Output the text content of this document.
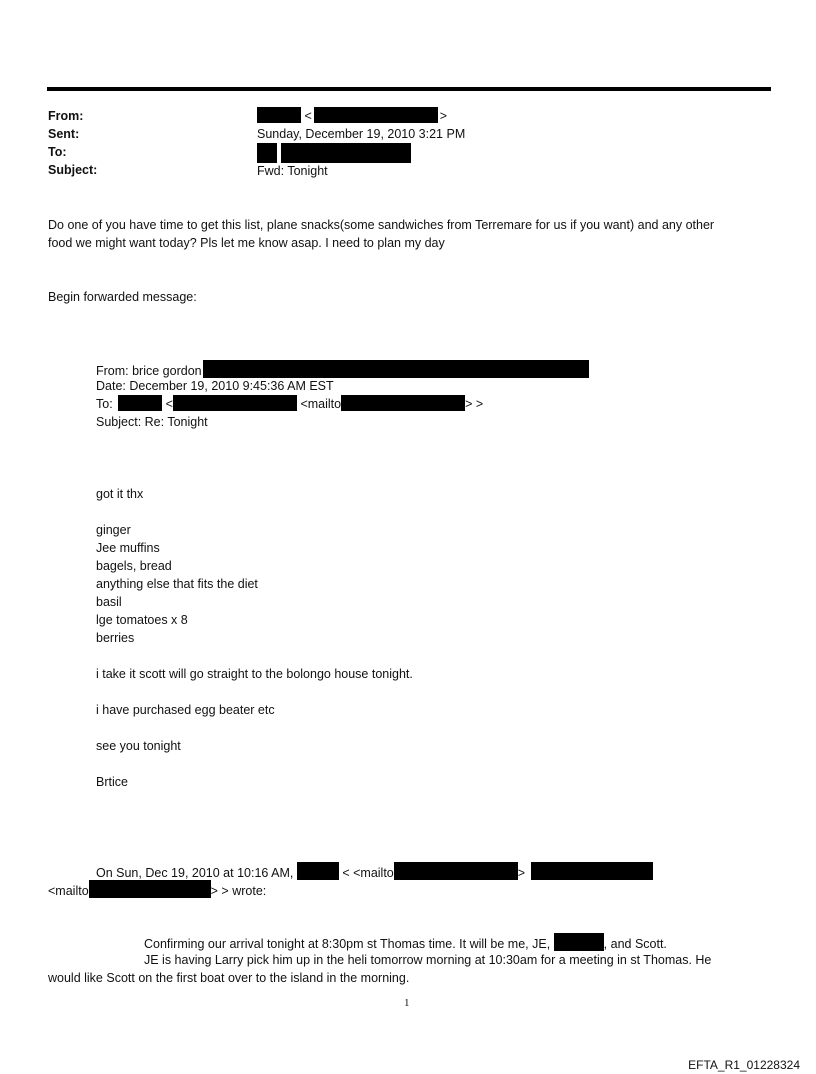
From:	<	>
Sent:	Sunday, December 19, 2010 3:21 PM
To:
Subject:	Fwd: Tonight
Do one of you have time to get this list, plane snacks(some sandwiches from Terremare for us if you want) and any other
food we might want today? Pls let me know asap. I need to plan my day
Begin forwarded message:
From: brice gordon
Date: December 19, 2010 9:45:36 AM EST
To:	<	<mailto	> >
Subject: Re: Tonight
got it thx
ginger
Jee muffins
bagels, bread
anything else that fits the diet
basil
lge tomatoes x 8
berries
i take it scott will go straight to the bolongo house tonight.
i have purchased egg beater etc
see you tonight
Brtice
On Sun, Dec 19, 2010 at 10:16 AM,	< <mailto	>
<mailto	> > wrote:
Confirming our arrival tonight at 8:30pm st Thomas time. It will be me, JE,	, and Scott.
JE is having Larry pick him up in the heli tomorrow morning at 10:30am for a meeting in st Thomas. He
would like Scott on the first boat over to the island in the morning.
1
EFTA_R1_01228324
